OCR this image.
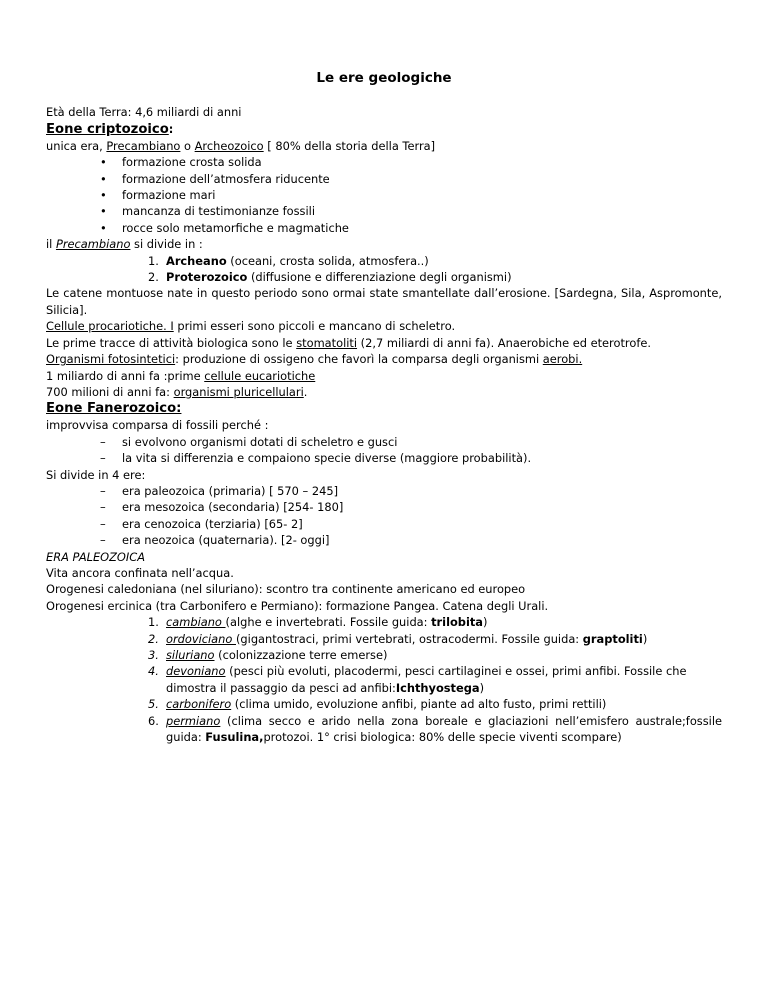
Le ere geologiche

Età della Terra: 4,6 miliardi di anni

Eone criptozoico:

unica era, Precambiano o Archeozoico [ 80% della storia della Terra]

• formazione crosta solida
• formazione dell’atmosfera riducente
• formazione mari
• mancanza di testimonianze fossili
• rocce solo metamorfiche e magmatiche

il Precambiano si divide in :

1. Archeano (oceani, crosta solida, atmosfera..)
2. Proterozoico (diffusione e differenziazione degli organismi)

Le catene montuose nate in questo periodo sono ormai state smantellate dall’erosione. [Sardegna, Sila, Aspromonte, Silicia].

Cellule procariotiche. I primi esseri sono piccoli e mancano di scheletro.

Le prime tracce di attività biologica sono le stomatoliti (2,7 miliardi di anni fa). Anaerobiche ed eterotrofe.

Organismi fotosintetici: produzione di ossigeno che favorì la comparsa degli organismi aerobi.

1 miliardo di anni fa :prime cellule eucariotiche

700 milioni di anni fa: organismi pluricellulari.

Eone Fanerozoico:

improvvisa comparsa di fossili perché :

– si evolvono organismi dotati di scheletro e gusci
– la vita si differenzia e compaiono specie diverse (maggiore probabilità).

Si divide in 4 ere:

– era paleozoica (primaria) [ 570 – 245]
– era mesozoica (secondaria) [254- 180]
– era cenozoica (terziaria) [65- 2]
– era neozoica (quaternaria). [2- oggi]

ERA PALEOZOICA

Vita ancora confinata nell’acqua.

Orogenesi caledoniana (nel siluriano): scontro tra continente americano ed europeo

Orogenesi ercinica (tra Carbonifero e Permiano): formazione Pangea. Catena degli Urali.

1. cambiano (alghe e invertebrati. Fossile guida: trilobita)
2. ordoviciano (gigantostraci, primi vertebrati, ostracodermi. Fossile guida: graptoliti)
3. siluriano (colonizzazione terre emerse)
4. devoniano (pesci più evoluti, placodermi, pesci cartilaginei e ossei, primi anfibi. Fossile che dimostra il passaggio da pesci ad anfibi:Ichthyostega)
5. carbonifero (clima umido, evoluzione anfibi, piante ad alto fusto, primi rettili)
6. permiano (clima secco e arido nella zona boreale e glaciazioni nell’emisfero australe;fossile guida: Fusulina,protozoi. 1° crisi biologica: 80% delle specie viventi scompare)
